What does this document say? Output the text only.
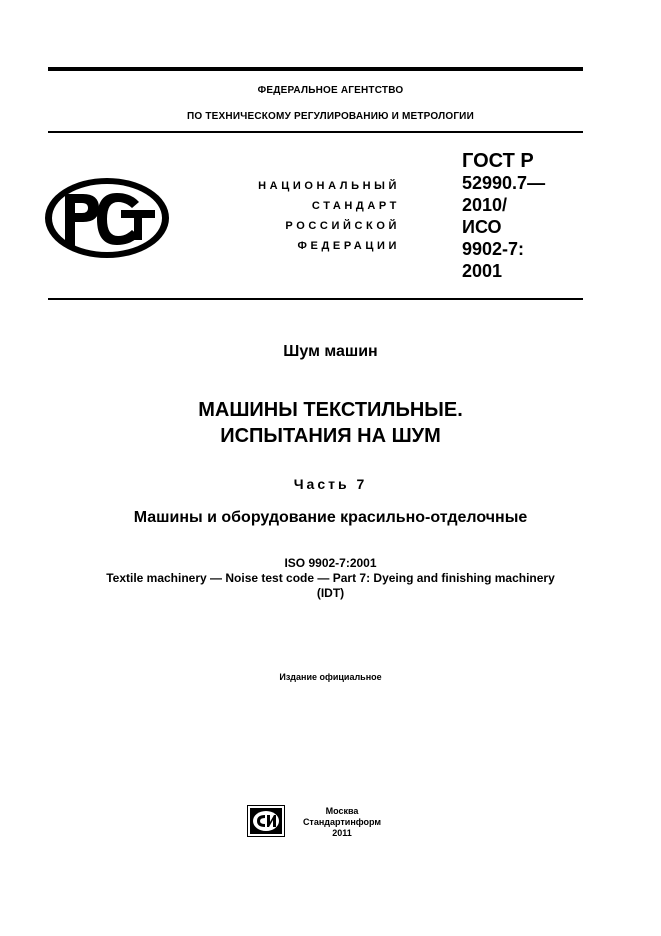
ФЕДЕРАЛЬНОЕ АГЕНТСТВО
ПО ТЕХНИЧЕСКОМУ РЕГУЛИРОВАНИЮ И МЕТРОЛОГИИ
НАЦИОНАЛЬНЫЙ
СТАНДАРТ
РОССИЙСКОЙ
ФЕДЕРАЦИИ
ГОСТ Р
52990.7—
2010/
ИСО
9902-7:
2001
Шум машин
МАШИНЫ ТЕКСТИЛЬНЫЕ.
ИСПЫТАНИЯ НА ШУМ
Часть 7
Машины и оборудование красильно-отделочные
ISO 9902-7:2001
Textile machinery — Noise test code — Part 7: Dyeing and finishing machinery
(IDT)
Издание официальное
Москва
Стандартинформ
2011
